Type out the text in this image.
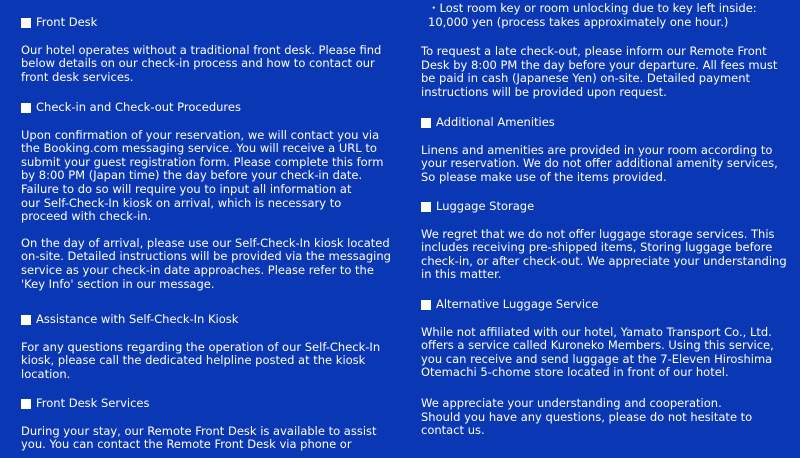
Front Desk
Our hotel operates without a traditional front desk. Please find
below details on our check-in process and how to contact our
front desk services.
Check-in and Check-out Procedures
Upon confirmation of your reservation, we will contact you via
the Booking.com messaging service. You will receive a URL to
submit your guest registration form. Please complete this form
by 8:00 PM (Japan time) the day before your check-in date.
Failure to do so will require you to input all information at
our Self-Check-In kiosk on arrival, which is necessary to
proceed with check-in.
On the day of arrival, please use our Self-Check-In kiosk located
on-site. Detailed instructions will be provided via the messaging
service as your check-in date approaches. Please refer to the
'Key Info' section in our message.
Assistance with Self-Check-In Kiosk
For any questions regarding the operation of our Self-Check-In
kiosk, please call the dedicated helpline posted at the kiosk
location.
Front Desk Services
During your stay, our Remote Front Desk is available to assist
you. You can contact the Remote Front Desk via phone or
・Lost room key or room unlocking due to key left inside:
10,000 yen (process takes approximately one hour.)
To request a late check-out, please inform our Remote Front
Desk by 8:00 PM the day before your departure. All fees must
be paid in cash (Japanese Yen) on-site. Detailed payment
instructions will be provided upon request.
Additional Amenities
Linens and amenities are provided in your room according to
your reservation. We do not offer additional amenity services,
So please make use of the items provided.
Luggage Storage
We regret that we do not offer luggage storage services. This
includes receiving pre-shipped items, Storing luggage before
check-in, or after check-out. We appreciate your understanding
in this matter.
Alternative Luggage Service
While not affiliated with our hotel, Yamato Transport Co., Ltd.
offers a service called Kuroneko Members. Using this service,
you can receive and send luggage at the 7-Eleven Hiroshima
Otemachi 5-chome store located in front of our hotel.
We appreciate your understanding and cooperation.
Should you have any questions, please do not hesitate to
contact us.
